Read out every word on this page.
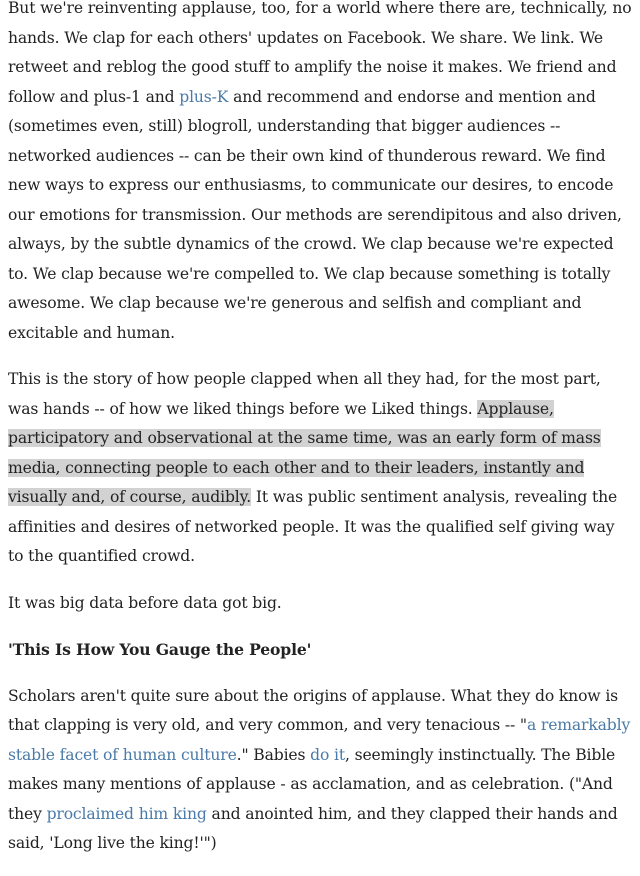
But we're reinventing applause, too, for a world where there are, technically, no hands. We clap for each others' updates on Facebook. We share. We link. We retweet and reblog the good stuff to amplify the noise it makes. We friend and follow and plus-1 and plus-K and recommend and endorse and mention and (sometimes even, still) blogroll, understanding that bigger audiences -- networked audiences -- can be their own kind of thunderous reward. We find new ways to express our enthusiasms, to communicate our desires, to encode our emotions for transmission. Our methods are serendipitous and also driven, always, by the subtle dynamics of the crowd. We clap because we're expected to. We clap because we're compelled to. We clap because something is totally awesome. We clap because we're generous and selfish and compliant and excitable and human.

This is the story of how people clapped when all they had, for the most part, was hands -- of how we liked things before we Liked things. Applause, participatory and observational at the same time, was an early form of mass media, connecting people to each other and to their leaders, instantly and visually and, of course, audibly. It was public sentiment analysis, revealing the affinities and desires of networked people. It was the qualified self giving way to the quantified crowd.

It was big data before data got big.

'This Is How You Gauge the People'

Scholars aren't quite sure about the origins of applause. What they do know is that clapping is very old, and very common, and very tenacious -- "a remarkably stable facet of human culture." Babies do it, seemingly instinctually. The Bible makes many mentions of applause - as acclamation, and as celebration. ("And they proclaimed him king and anointed him, and they clapped their hands and said, 'Long live the king!'")
